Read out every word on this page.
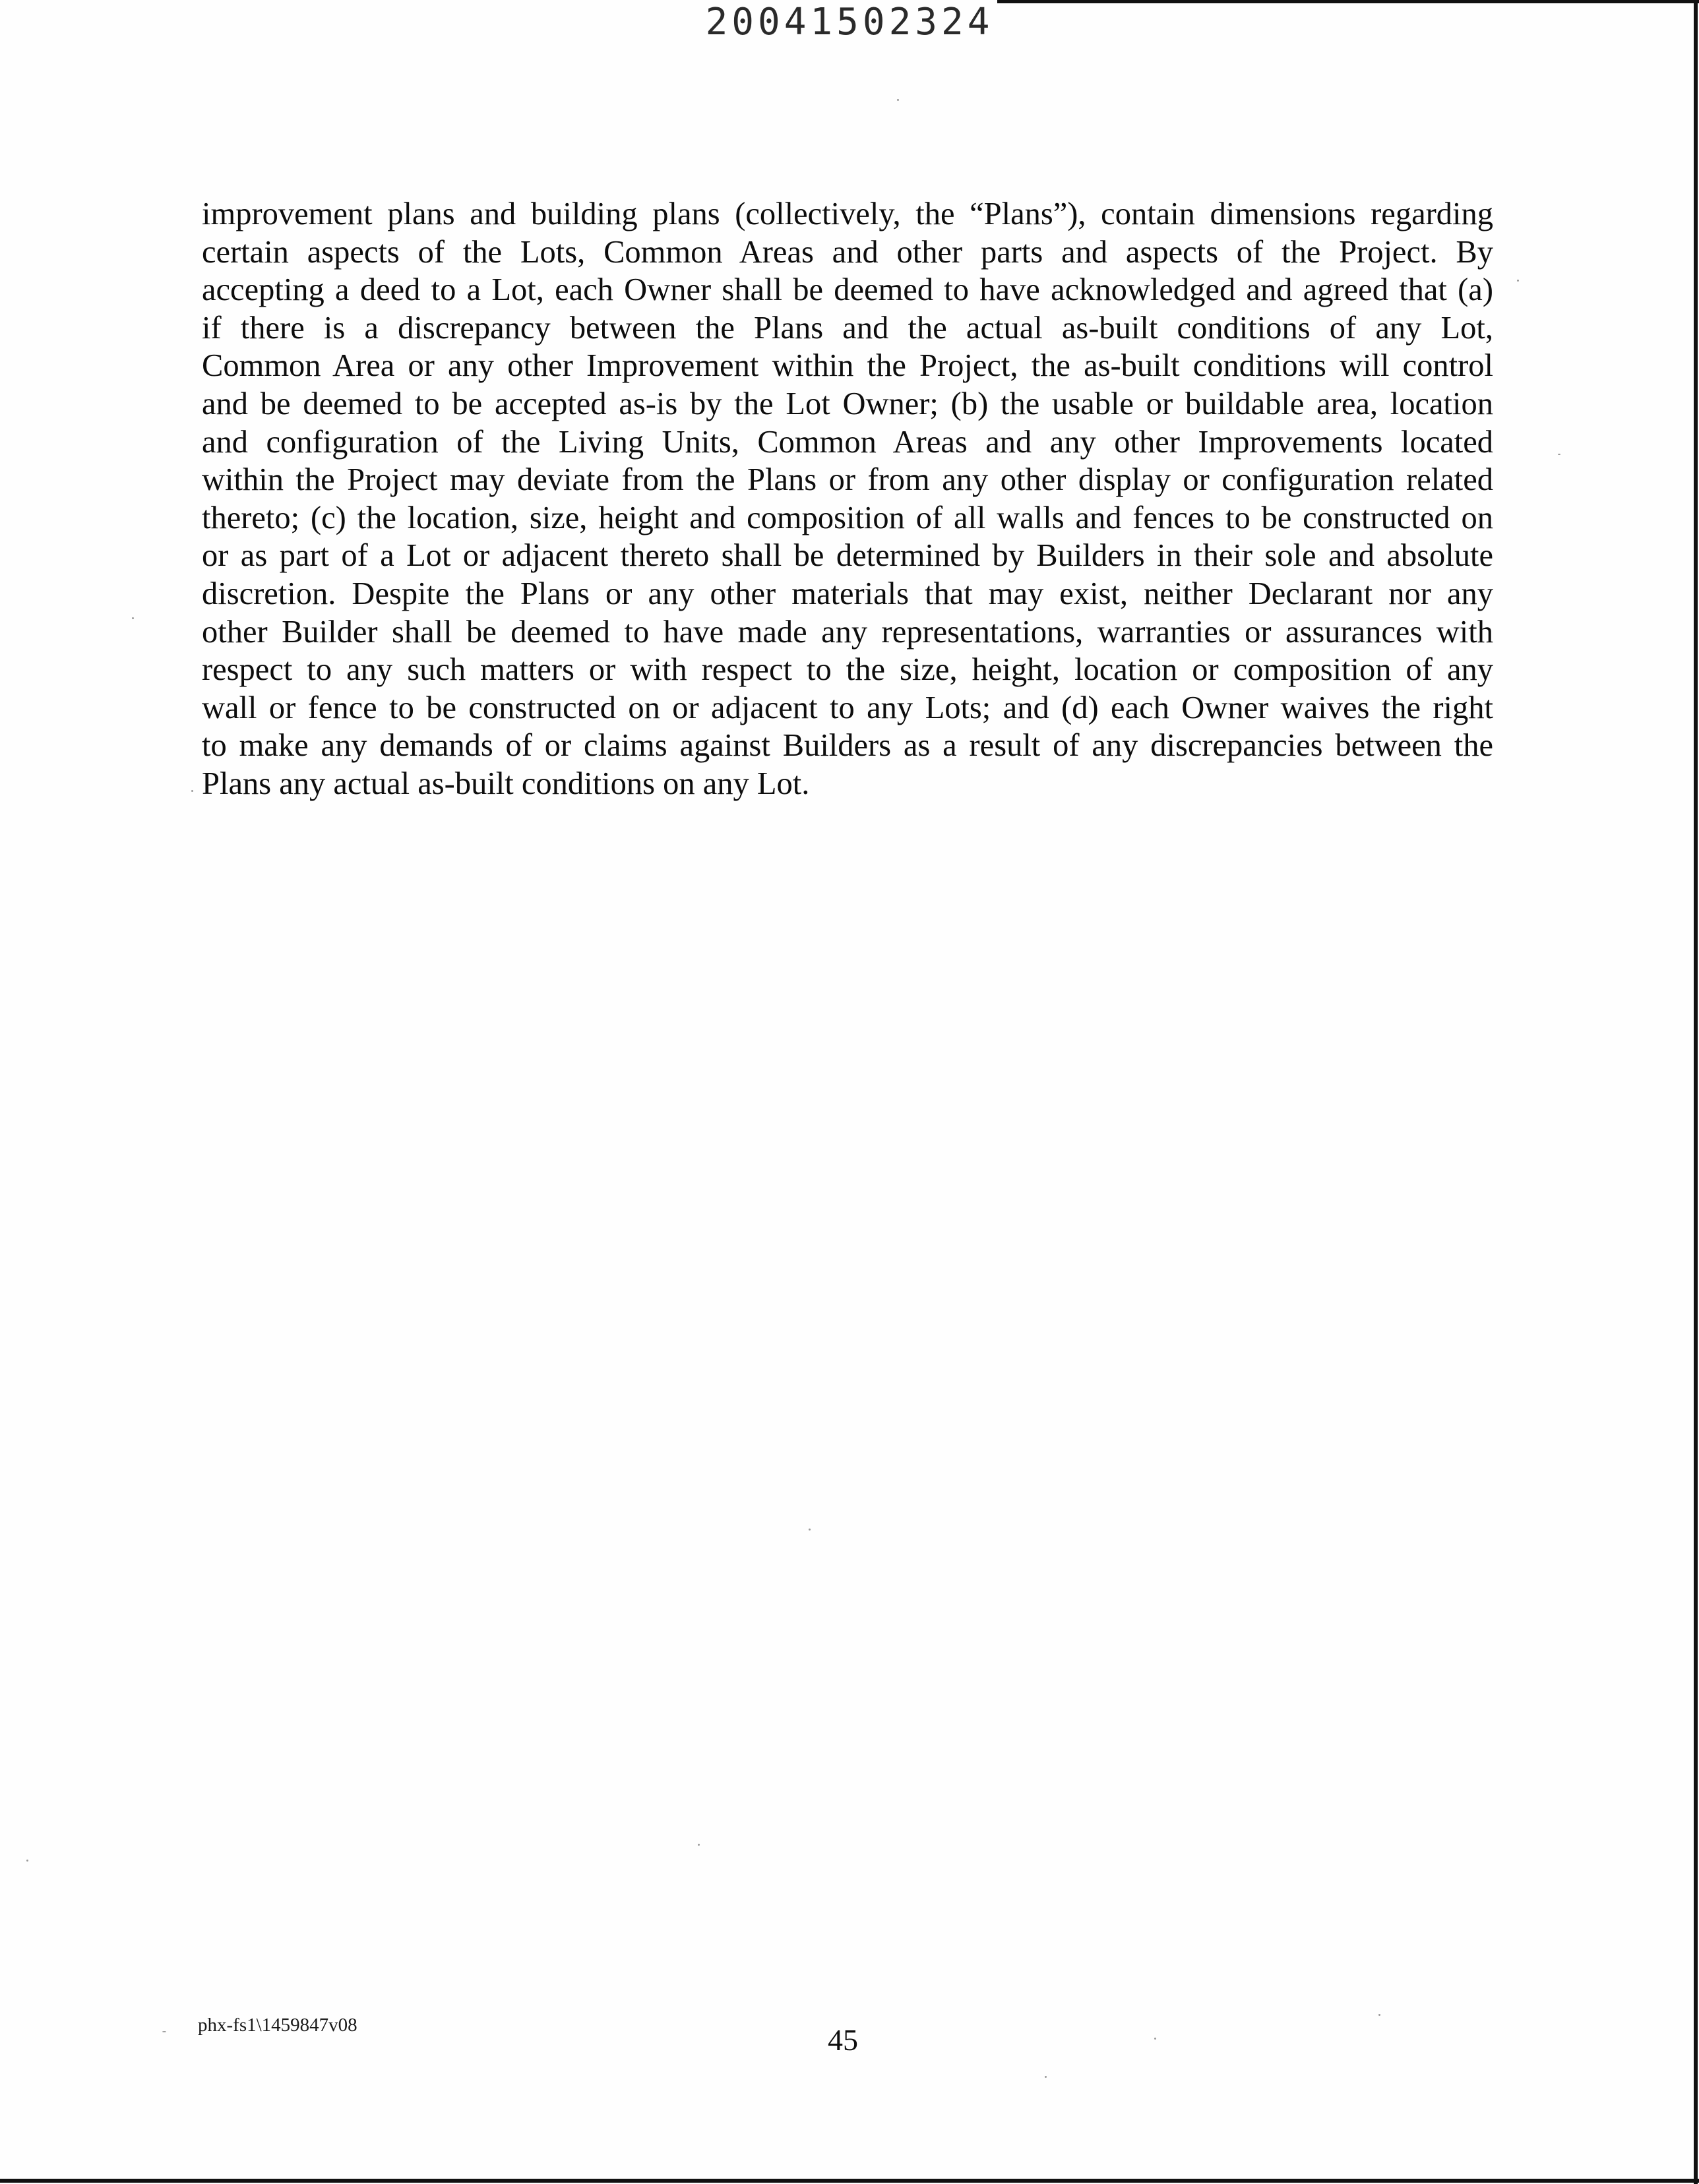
20041502324
improvement plans and building plans (collectively, the “Plans”), contain dimensions regarding
certain aspects of the Lots, Common Areas and other parts and aspects of the Project. By
accepting a deed to a Lot, each Owner shall be deemed to have acknowledged and agreed that (a)
if there is a discrepancy between the Plans and the actual as-built conditions of any Lot,
Common Area or any other Improvement within the Project, the as-built conditions will control
and be deemed to be accepted as-is by the Lot Owner; (b) the usable or buildable area, location
and configuration of the Living Units, Common Areas and any other Improvements located
within the Project may deviate from the Plans or from any other display or configuration related
thereto; (c) the location, size, height and composition of all walls and fences to be constructed on
or as part of a Lot or adjacent thereto shall be determined by Builders in their sole and absolute
discretion. Despite the Plans or any other materials that may exist, neither Declarant nor any
other Builder shall be deemed to have made any representations, warranties or assurances with
respect to any such matters or with respect to the size, height, location or composition of any
wall or fence to be constructed on or adjacent to any Lots; and (d) each Owner waives the right
to make any demands of or claims against Builders as a result of any discrepancies between the
Plans any actual as-built conditions on any Lot.
phx-fs1\1459847v08	45
